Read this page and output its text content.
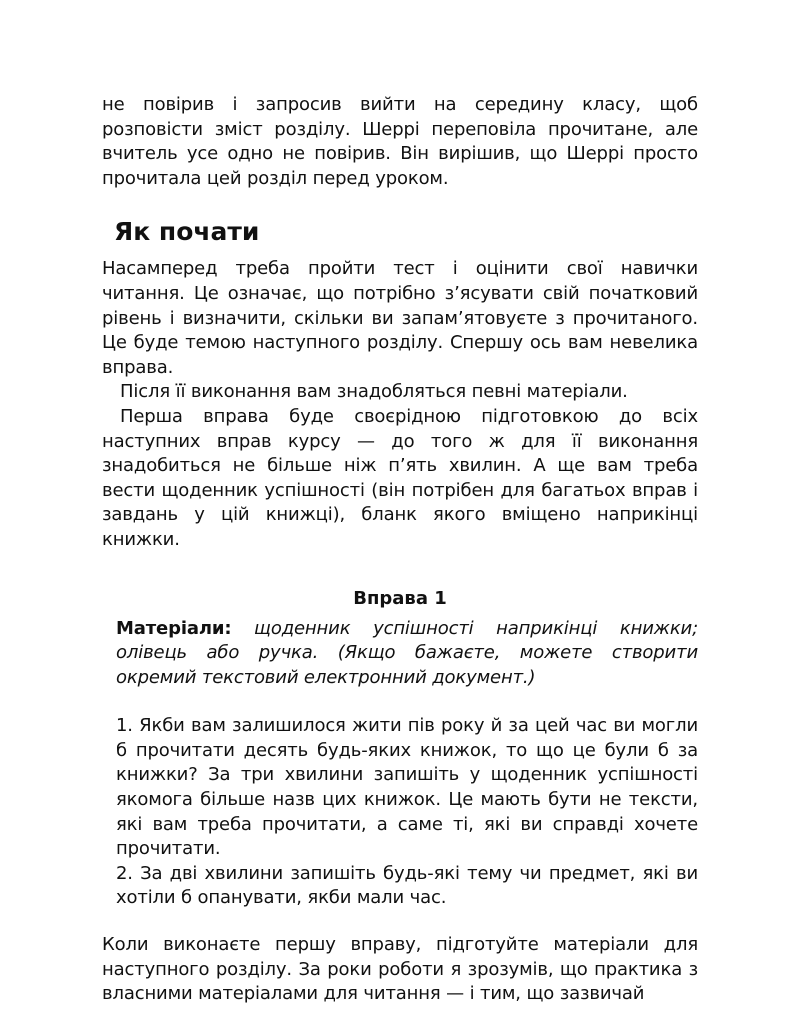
не повірив і запросив вийти на середину класу, щоб розповісти зміст розділу. Шеррі переповіла прочитане, але вчитель усе одно не повірив. Він вирішив, що Шеррі просто прочитала цей розділ перед уроком.

Як почати

Насамперед треба пройти тест і оцінити свої навички читання. Це означає, що потрібно з’ясувати свій початковий рівень і визначити, скільки ви запам’ятовуєте з прочитаного. Це буде темою наступного розділу. Спершу ось вам невелика вправа.

Після її виконання вам знадобляться певні матеріали.

Перша вправа буде своєрідною підготовкою до всіх наступних вправ курсу — до того ж для її виконання знадобиться не більше ніж п’ять хвилин. А ще вам треба вести щоденник успішності (він потрібен для багатьох вправ і завдань у цій книжці), бланк якого вміщено наприкінці книжки.

Вправа 1

Матеріали: щоденник успішності наприкінці книжки; олівець або ручка. (Якщо бажаєте, можете створити окремий текстовий електронний документ.)

1. Якби вам залишилося жити пів року й за цей час ви могли б прочитати десять будь-яких книжок, то що це були б за книжки? За три хвилини запишіть у щоденник успішності якомога більше назв цих книжок. Це мають бути не тексти, які вам треба прочитати, а саме ті, які ви справді хочете прочитати.

2. За дві хвилини запишіть будь-які тему чи предмет, які ви хотіли б опанувати, якби мали час.

Коли виконаєте першу вправу, підготуйте матеріали для наступного розділу. За роки роботи я зрозумів, що практика з власними матеріалами для читання — і тим, що зазвичай
